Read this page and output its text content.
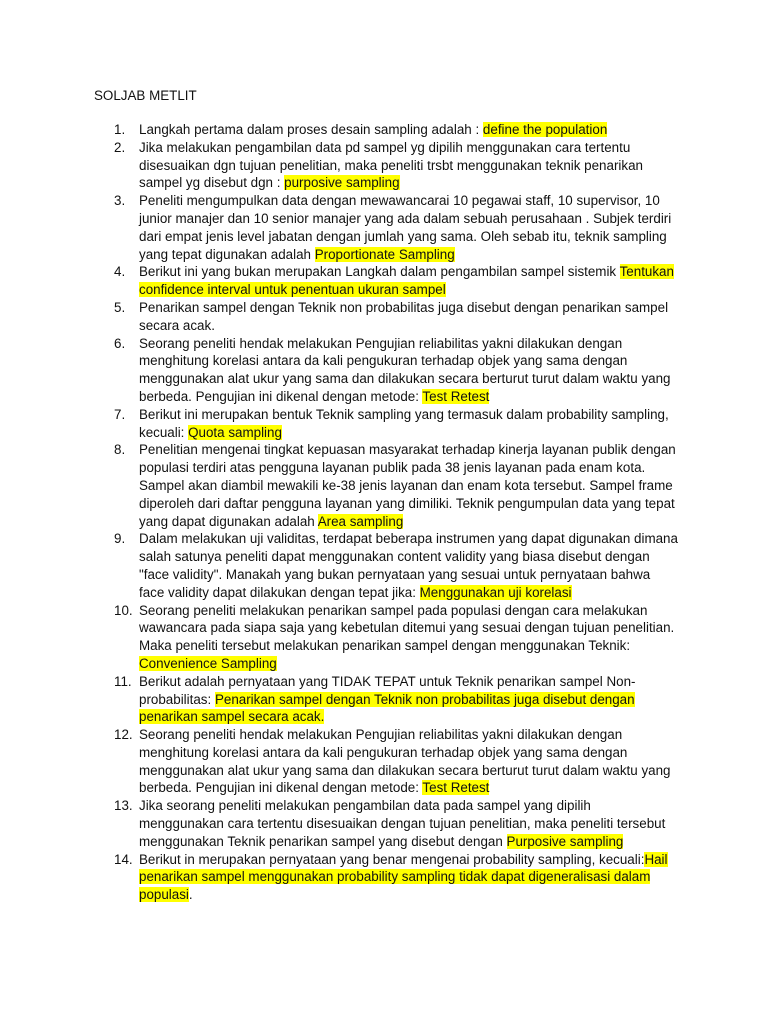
SOLJAB METLIT
1.	Langkah pertama dalam proses desain sampling adalah : define the population
2.	Jika melakukan pengambilan data pd sampel yg dipilih menggunakan cara tertentu disesuaikan dgn tujuan penelitian, maka peneliti trsbt menggunakan teknik penarikan sampel yg disebut dgn : purposive sampling
3.	Peneliti mengumpulkan data dengan mewawancarai 10 pegawai staff, 10 supervisor, 10 junior manajer dan 10 senior manajer yang ada dalam sebuah perusahaan . Subjek terdiri dari empat jenis level jabatan dengan jumlah yang sama. Oleh sebab itu, teknik sampling yang tepat digunakan adalah Proportionate Sampling
4.	Berikut ini yang bukan merupakan Langkah dalam pengambilan sampel sistemik Tentukan confidence interval untuk penentuan ukuran sampel
5.	Penarikan sampel dengan Teknik non probabilitas juga disebut dengan penarikan sampel secara acak.
6.	Seorang peneliti hendak melakukan Pengujian reliabilitas yakni dilakukan dengan menghitung korelasi antara da kali pengukuran terhadap objek yang sama dengan menggunakan alat ukur yang sama dan dilakukan secara berturut turut dalam waktu yang berbeda. Pengujian ini dikenal dengan metode: Test Retest
7.	Berikut ini merupakan bentuk Teknik sampling yang termasuk dalam probability sampling, kecuali: Quota sampling
8.	Penelitian mengenai tingkat kepuasan masyarakat terhadap kinerja layanan publik dengan populasi terdiri atas pengguna layanan publik pada 38 jenis layanan pada enam kota. Sampel akan diambil mewakili ke-38 jenis layanan dan enam kota tersebut. Sampel frame diperoleh dari daftar pengguna layanan yang dimiliki. Teknik pengumpulan data yang tepat yang dapat digunakan adalah Area sampling
9.	Dalam melakukan uji validitas, terdapat beberapa instrumen yang dapat digunakan dimana salah satunya peneliti dapat menggunakan content validity yang biasa disebut dengan "face validity". Manakah yang bukan pernyataan yang sesuai untuk pernyataan bahwa face validity dapat dilakukan dengan tepat jika: Menggunakan uji korelasi
10. Seorang peneliti melakukan penarikan sampel pada populasi dengan cara melakukan wawancara pada siapa saja yang kebetulan ditemui yang sesuai dengan tujuan penelitian. Maka peneliti tersebut melakukan penarikan sampel dengan menggunakan Teknik: Convenience Sampling
11. Berikut adalah pernyataan yang TIDAK TEPAT untuk Teknik penarikan sampel Non-probabilitas: Penarikan sampel dengan Teknik non probabilitas juga disebut dengan penarikan sampel secara acak.
12. Seorang peneliti hendak melakukan Pengujian reliabilitas yakni dilakukan dengan menghitung korelasi antara da kali pengukuran terhadap objek yang sama dengan menggunakan alat ukur yang sama dan dilakukan secara berturut turut dalam waktu yang berbeda. Pengujian ini dikenal dengan metode: Test Retest
13. Jika seorang peneliti melakukan pengambilan data pada sampel yang dipilih menggunakan cara tertentu disesuaikan dengan tujuan penelitian, maka peneliti tersebut menggunakan Teknik penarikan sampel yang disebut dengan Purposive sampling
14. Berikut in merupakan pernyataan yang benar mengenai probability sampling, kecuali:Hail penarikan sampel menggunakan probability sampling tidak dapat digeneralisasi dalam populasi.
